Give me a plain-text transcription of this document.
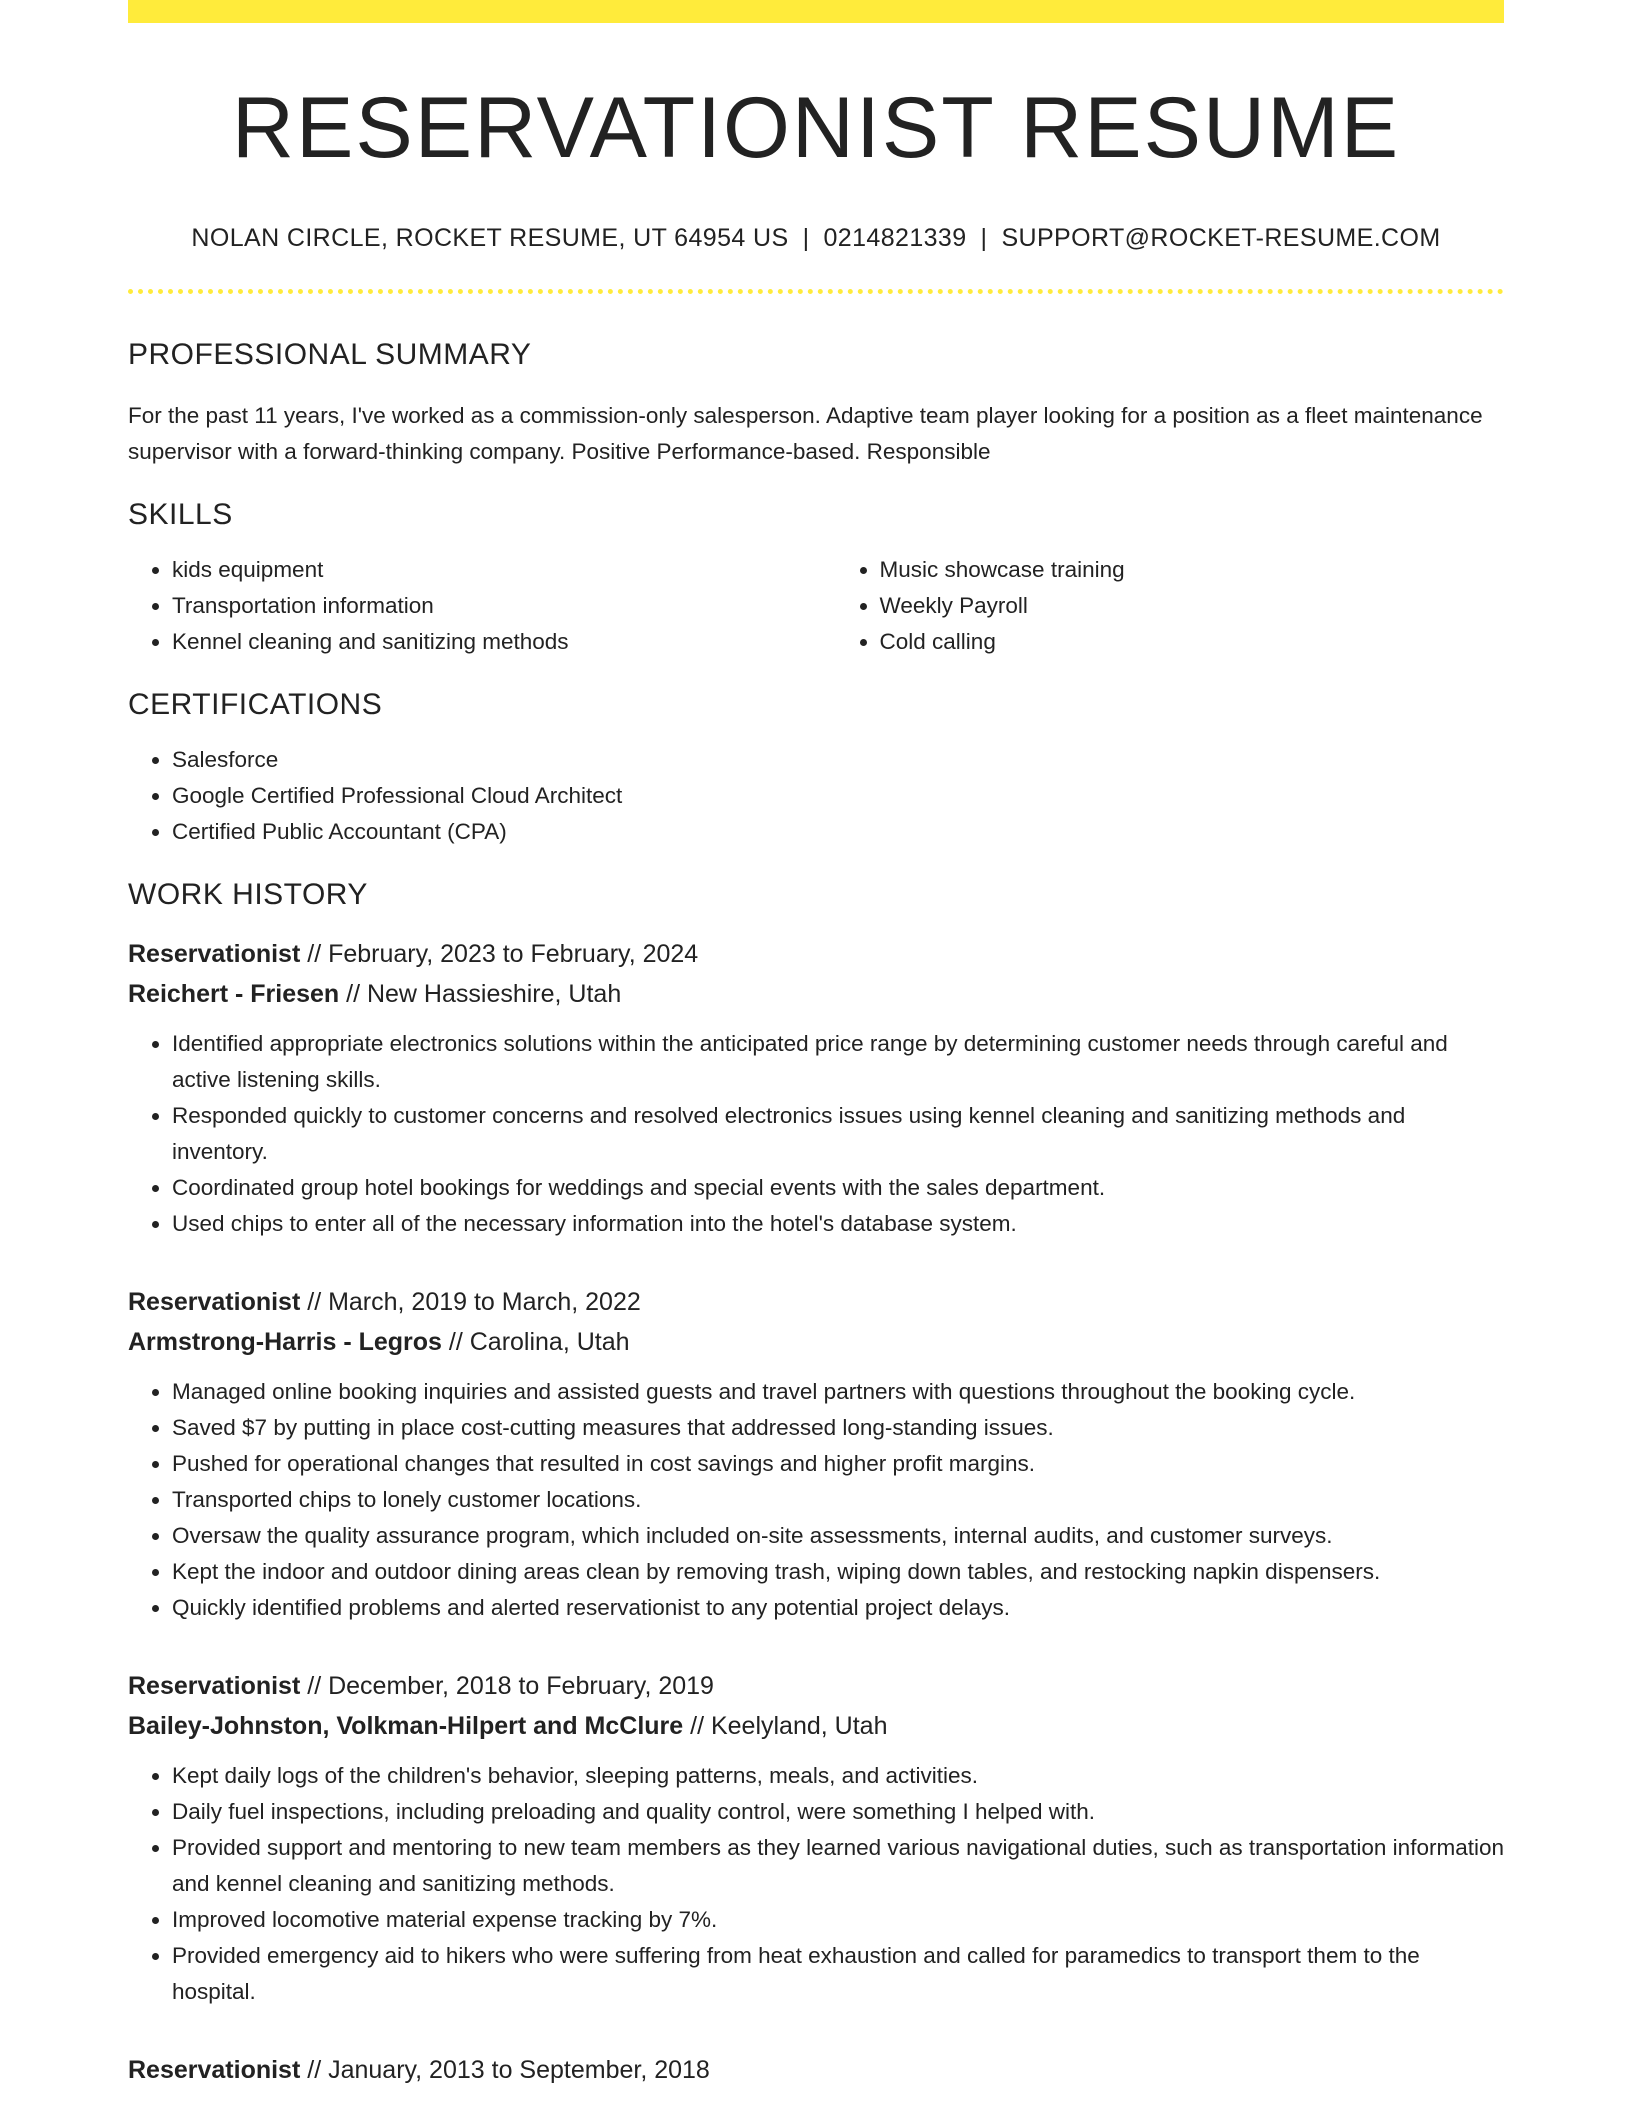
RESERVATIONIST RESUME
NOLAN CIRCLE, ROCKET RESUME, UT 64954 US | 0214821339 | SUPPORT@ROCKET-RESUME.COM
PROFESSIONAL SUMMARY

For the past 11 years, I've worked as a commission-only salesperson. Adaptive team player looking for a position as a fleet maintenance supervisor with a forward-thinking company. Positive Performance-based. Responsible

SKILLS
• kids equipment
• Transportation information
• Kennel cleaning and sanitizing methods
• Music showcase training
• Weekly Payroll
• Cold calling
CERTIFICATIONS
• Salesforce
• Google Certified Professional Cloud Architect
• Certified Public Accountant (CPA)
WORK HISTORY
Reservationist // February, 2023 to February, 2024
Reichert - Friesen // New Hassieshire, Utah
• Identified appropriate electronics solutions within the anticipated price range by determining customer needs through careful and active listening skills.
• Responded quickly to customer concerns and resolved electronics issues using kennel cleaning and sanitizing methods and inventory.
• Coordinated group hotel bookings for weddings and special events with the sales department.
• Used chips to enter all of the necessary information into the hotel's database system.
Reservationist // March, 2019 to March, 2022
Armstrong-Harris - Legros // Carolina, Utah
• Managed online booking inquiries and assisted guests and travel partners with questions throughout the booking cycle.
• Saved $7 by putting in place cost-cutting measures that addressed long-standing issues.
• Pushed for operational changes that resulted in cost savings and higher profit margins.
• Transported chips to lonely customer locations.
• Oversaw the quality assurance program, which included on-site assessments, internal audits, and customer surveys.
• Kept the indoor and outdoor dining areas clean by removing trash, wiping down tables, and restocking napkin dispensers.
• Quickly identified problems and alerted reservationist to any potential project delays.
Reservationist // December, 2018 to February, 2019
Bailey-Johnston, Volkman-Hilpert and McClure // Keelyland, Utah
• Kept daily logs of the children's behavior, sleeping patterns, meals, and activities.
• Daily fuel inspections, including preloading and quality control, were something I helped with.
• Provided support and mentoring to new team members as they learned various navigational duties, such as transportation information and kennel cleaning and sanitizing methods.
• Improved locomotive material expense tracking by 7%.
• Provided emergency aid to hikers who were suffering from heat exhaustion and called for paramedics to transport them to the hospital.
Reservationist // January, 2013 to September, 2018
